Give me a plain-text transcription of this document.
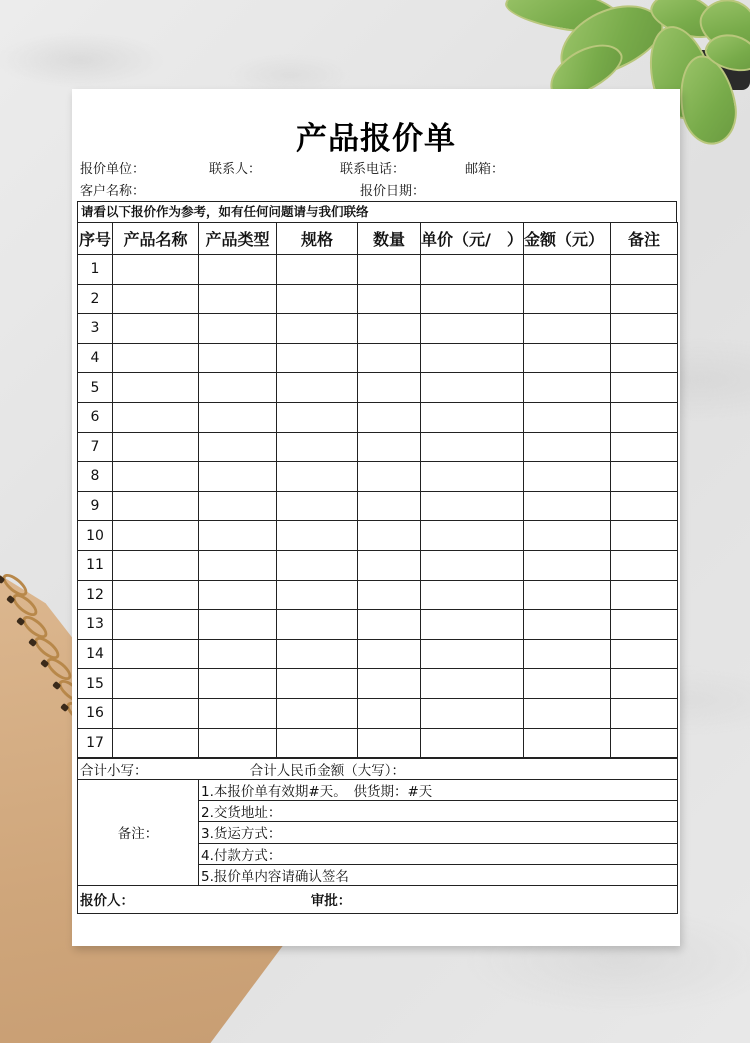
产品报价单
报价单位：	联系人：	联系电话：	邮箱：
客户名称：	报价日期：
请看以下报价作为参考，如有任何问题请与我们联络
序号	产品名称	产品类型	规格	数量	单价（元/　）	金额（元）	备注
1							
2							
3							
4							
5							
6							
7							
8							
9							
10							
11							
12							
13							
14							
15							
16							
17							
合计小写：	合计人民币金额（大写）：
备注：	1.本报价单有效期#天。　供货期：#天
2.交货地址：
3.货运方式：
4.付款方式：
5.报价单内容请确认签名
报价人：	审批：
